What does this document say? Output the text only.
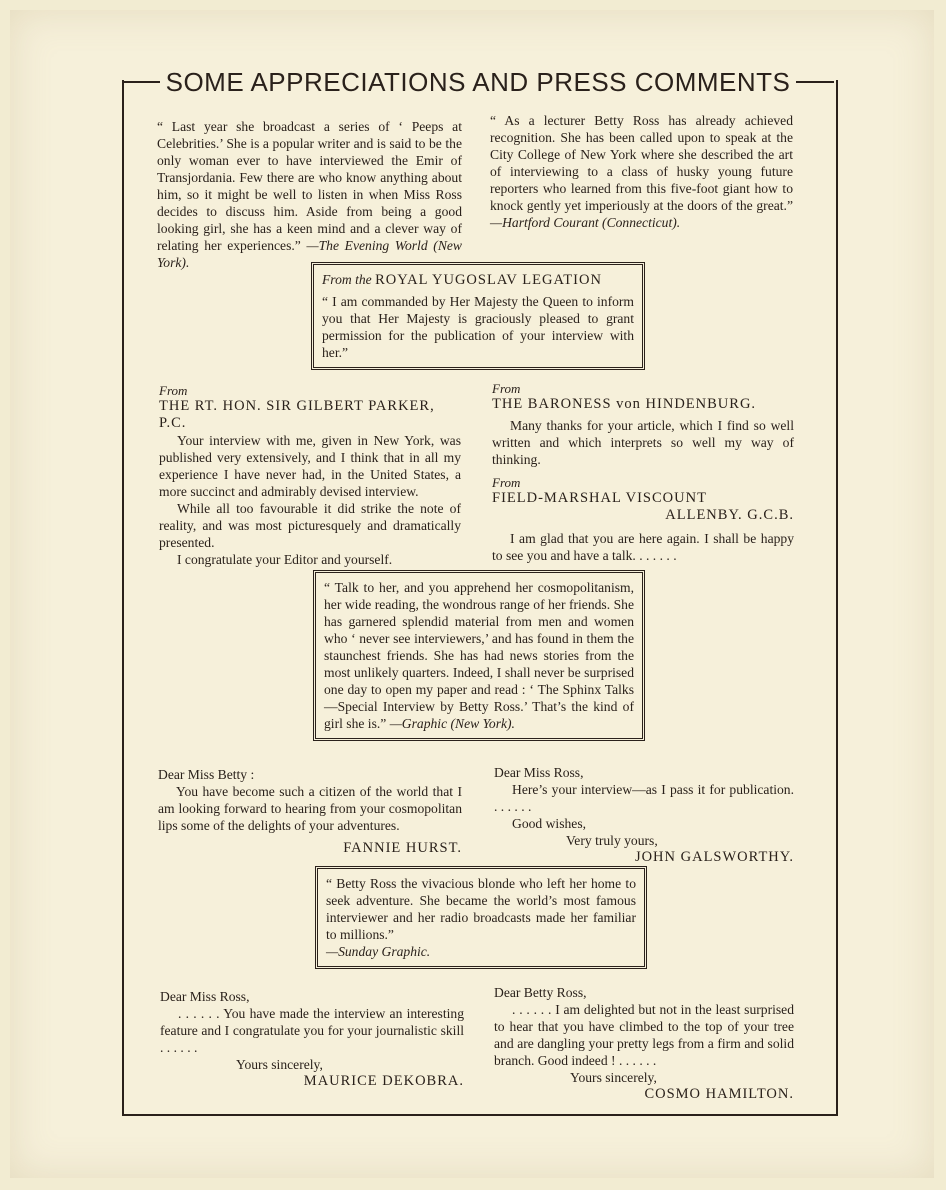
SOME APPRECIATIONS AND PRESS COMMENTS
“ Last year she broadcast a series of ‘ Peeps at Celebrities.’ She is a popular writer and is said to be the only woman ever to have interviewed the Emir of Transjordania. Few there are who know anything about him, so it might be well to listen in when Miss Ross decides to discuss him. Aside from being a good looking girl, she has a keen mind and a clever way of relating her experiences.” —The Evening World (New York).
“ As a lecturer Betty Ross has already achieved recognition. She has been called upon to speak at the City College of New York where she described the art of interviewing to a class of husky young future reporters who learned from this five-foot giant how to knock gently yet imperiously at the doors of the great.” —Hartford Courant (Connecticut).
From the ROYAL YUGOSLAV LEGATION
“ I am commanded by Her Majesty the Queen to inform you that Her Majesty is graciously pleased to grant permission for the publication of your interview with her.”
From
THE RT. HON. SIR GILBERT PARKER, P.C.

Your interview with me, given in New York, was published very extensively, and I think that in all my experience I have never had, in the United States, a more succinct and admirably devised interview.

While all too favourable it did strike the note of reality, and was most picturesquely and dramatically presented.

I congratulate your Editor and yourself.

From
THE BARONESS von HINDENBURG.

Many thanks for your article, which I find so well written and which interprets so well my way of thinking.

From
FIELD-MARSHAL VISCOUNT
ALLENBY. G.C.B.

I am glad that you are here again. I shall be happy to see you and have a talk. . . . . . .

“ Talk to her, and you apprehend her cosmopolitanism, her wide reading, the wondrous range of her friends. She has garnered splendid material from men and women who ‘ never see interviewers,’ and has found in them the staunchest friends. She has had news stories from the most unlikely quarters. Indeed, I shall never be surprised one day to open my paper and read : ‘ The Sphinx Talks—Special Interview by Betty Ross.’ That’s the kind of girl she is.” —Graphic (New York).
Dear Miss Betty :

You have become such a citizen of the world that I am looking forward to hearing from your cosmopolitan lips some of the delights of your adventures.

FANNIE HURST.
Dear Miss Ross,

Here’s your interview—as I pass it for publication. . . . . . .

Good wishes,
Very truly yours,
JOHN GALSWORTHY.
“ Betty Ross the vivacious blonde who left her home to seek adventure. She became the world’s most famous interviewer and her radio broadcasts made her familiar to millions.”
—Sunday Graphic.
Dear Miss Ross,

. . . . . . You have made the interview an interesting feature and I congratulate you for your journalistic skill . . . . . .

Yours sincerely,
MAURICE DEKOBRA.
Dear Betty Ross,

. . . . . . I am delighted but not in the least surprised to hear that you have climbed to the top of your tree and are dangling your pretty legs from a firm and solid branch. Good indeed ! . . . . . .

Yours sincerely,
COSMO HAMILTON.
